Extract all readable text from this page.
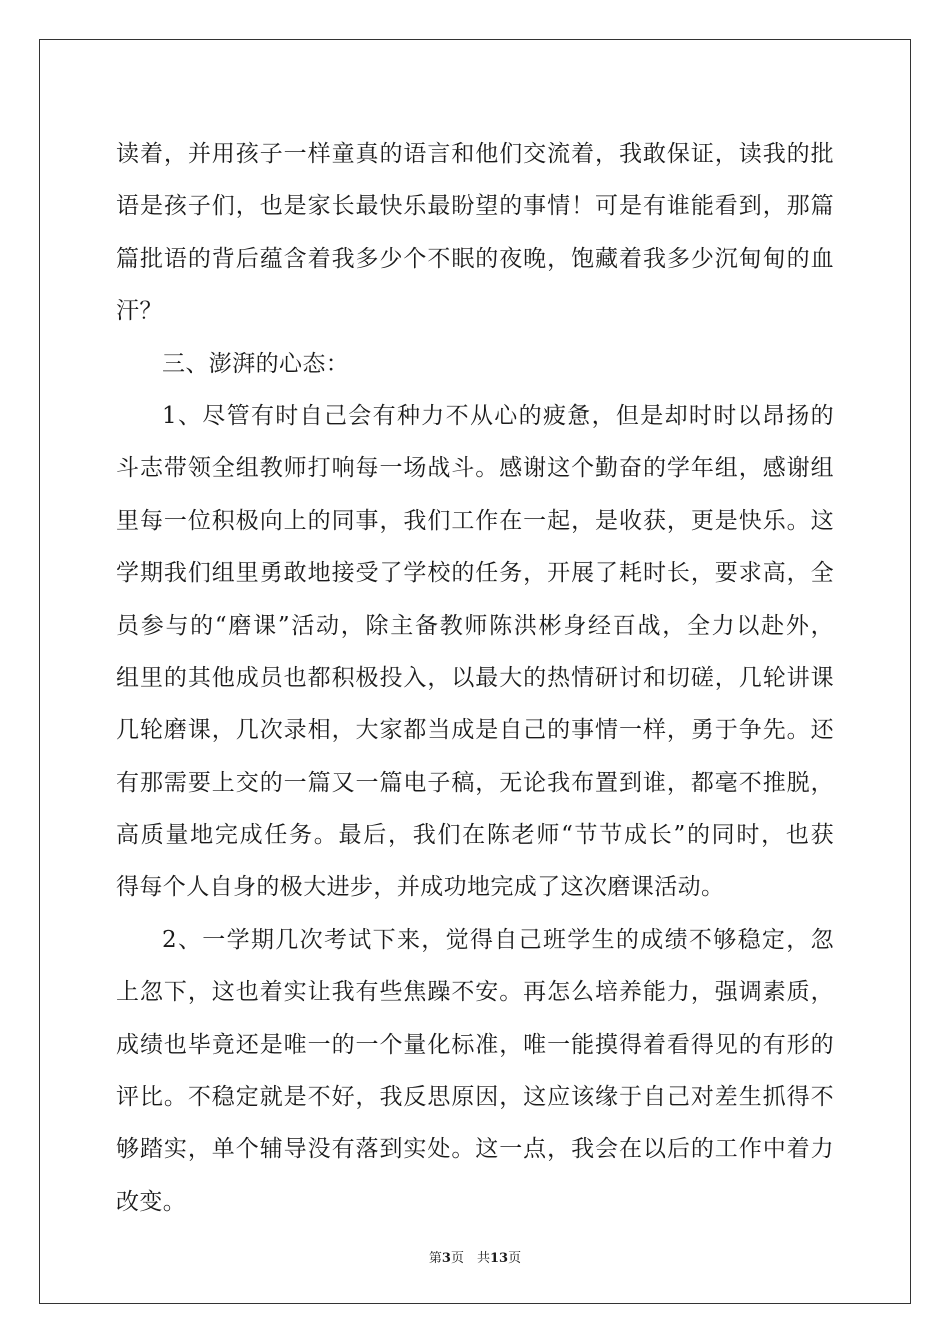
读着，并用孩子一样童真的语言和他们交流着，我敢保证，读我的批
语是孩子们，也是家长最快乐最盼望的事情！可是有谁能看到，那篇
篇批语的背后蕴含着我多少个不眠的夜晚，饱藏着我多少沉甸甸的血
汗？
三、澎湃的心态：
1、尽管有时自己会有种力不从心的疲惫，但是却时时以昂扬的
斗志带领全组教师打响每一场战斗。感谢这个勤奋的学年组，感谢组
里每一位积极向上的同事，我们工作在一起，是收获，更是快乐。这
学期我们组里勇敢地接受了学校的任务，开展了耗时长，要求高，全
员参与的“磨课”活动，除主备教师陈洪彬身经百战，全力以赴外，
组里的其他成员也都积极投入，以最大的热情研讨和切磋，几轮讲课
几轮磨课，几次录相，大家都当成是自己的事情一样，勇于争先。还
有那需要上交的一篇又一篇电子稿，无论我布置到谁，都毫不推脱，
高质量地完成任务。最后，我们在陈老师“节节成长”的同时，也获
得每个人自身的极大进步，并成功地完成了这次磨课活动。
2、一学期几次考试下来，觉得自己班学生的成绩不够稳定，忽
上忽下，这也着实让我有些焦躁不安。再怎么培养能力，强调素质，
成绩也毕竟还是唯一的一个量化标准，唯一能摸得着看得见的有形的
评比。不稳定就是不好，我反思原因，这应该缘于自己对差生抓得不
够踏实，单个辅导没有落到实处。这一点，我会在以后的工作中着力
改变。
第3页　共13页
